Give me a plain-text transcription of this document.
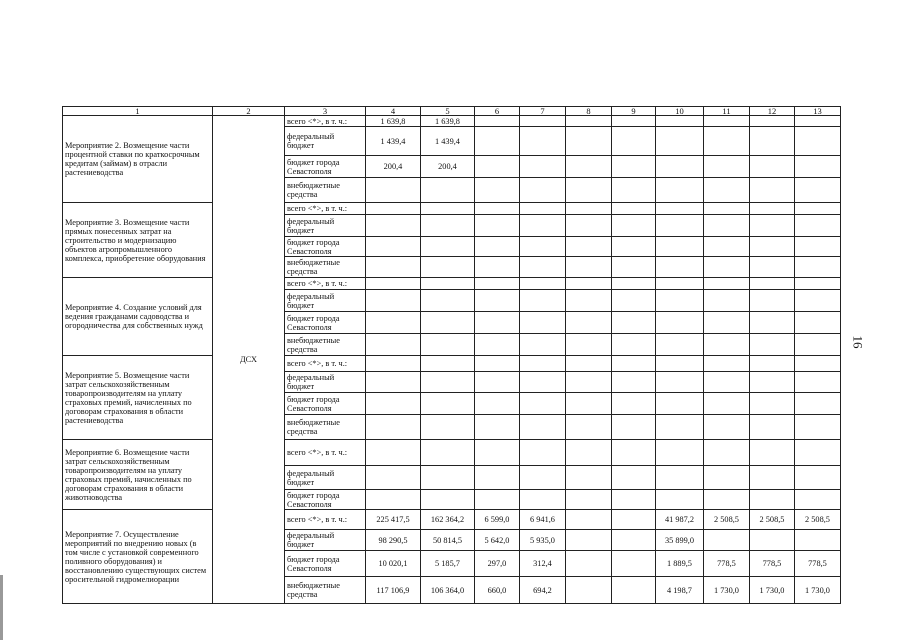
1	2	3	4	5	6	7	8	9	10	11	12	13
Мероприятие 2. Возмещение части процентной ставки по краткосрочным кредитам (займам) в отрасли растениеводства	ДСХ	всего <*>, в т. ч.:	1 639,8	1 639,8								
		федеральный бюджет	1 439,4	1 439,4								
		бюджет города Севастополя	200,4	200,4								
		внебюджетные средства										
Мероприятие 3. Возмещение части прямых понесенных затрат на строительство и модернизацию объектов агропромышленного комплекса, приобретение оборудования		всего <*>, в т. ч.:										
		федеральный бюджет										
		бюджет города Севастополя										
		внебюджетные средства										
Мероприятие 4. Создание условий для ведения гражданами садоводства и огородничества для собственных нужд		всего <*>, в т. ч.:										
		федеральный бюджет										
		бюджет города Севастополя										
		внебюджетные средства										
Мероприятие 5. Возмещение части затрат сельскохозяйственным товаропроизводителям на уплату страховых премий, начисленных по договорам страхования в области растениеводства		всего <*>, в т. ч.:										
		федеральный бюджет										
		бюджет города Севастополя										
		внебюджетные средства										
Мероприятие 6. Возмещение части затрат сельскохозяйственным товаропроизводителям на уплату страховых премий, начисленных по договорам страхования в области животноводства		всего <*>, в т. ч.:										
		федеральный бюджет										
		бюджет города Севастополя										
Мероприятие 7. Осуществление мероприятий по внедрению новых (в том числе с установкой современного поливного оборудования) и восстановлению существующих систем оросительной гидромелиорации		всего <*>, в т. ч.:	225 417,5	162 364,2	6 599,0	6 941,6			41 987,2	2 508,5	2 508,5	2 508,5
		федеральный бюджет	98 290,5	50 814,5	5 642,0	5 935,0			35 899,0			
		бюджет города Севастополя	10 020,1	5 185,7	297,0	312,4			1 889,5	778,5	778,5	778,5
		внебюджетные средства	117 106,9	106 364,0	660,0	694,2			4 198,7	1 730,0	1 730,0	1 730,0
16
